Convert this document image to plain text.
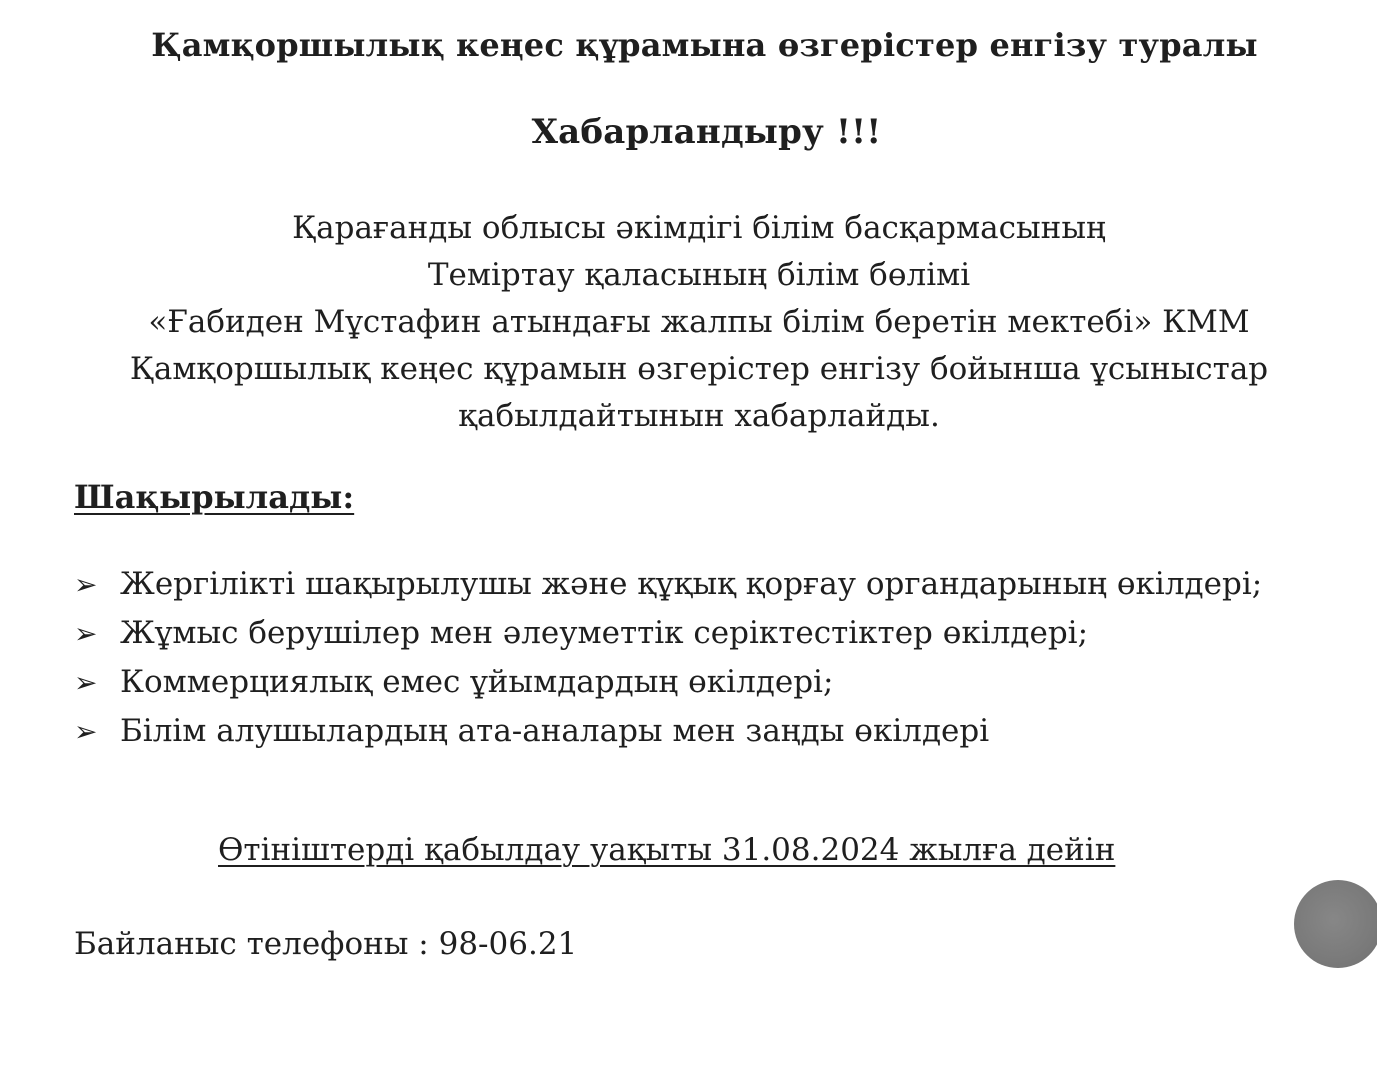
Қамқоршылық кеңес құрамына өзгерістер енгізу туралы
Хабарландыру !!!
Қарағанды облысы әкімдігі білім басқармасының
Теміртау қаласының білім бөлімі
«Ғабиден Мұстафин атындағы жалпы білім беретін мектебі» КММ
Қамқоршылық кеңес құрамын өзгерістер енгізу бойынша ұсыныстар
қабылдайтынын хабарлайды.
Шақырылады:
➢ Жергілікті шақырылушы және құқық қорғау органдарының өкілдері;
➢ Жұмыс берушілер мен әлеуметтік серіктестіктер өкілдері;
➢ Коммерциялық емес ұйымдардың өкілдері;
➢ Білім алушылардың ата-аналары мен заңды өкілдері
Өтініштерді қабылдау уақыты 31.08.2024 жылға дейін
Байланыс телефоны : 98-06.21
